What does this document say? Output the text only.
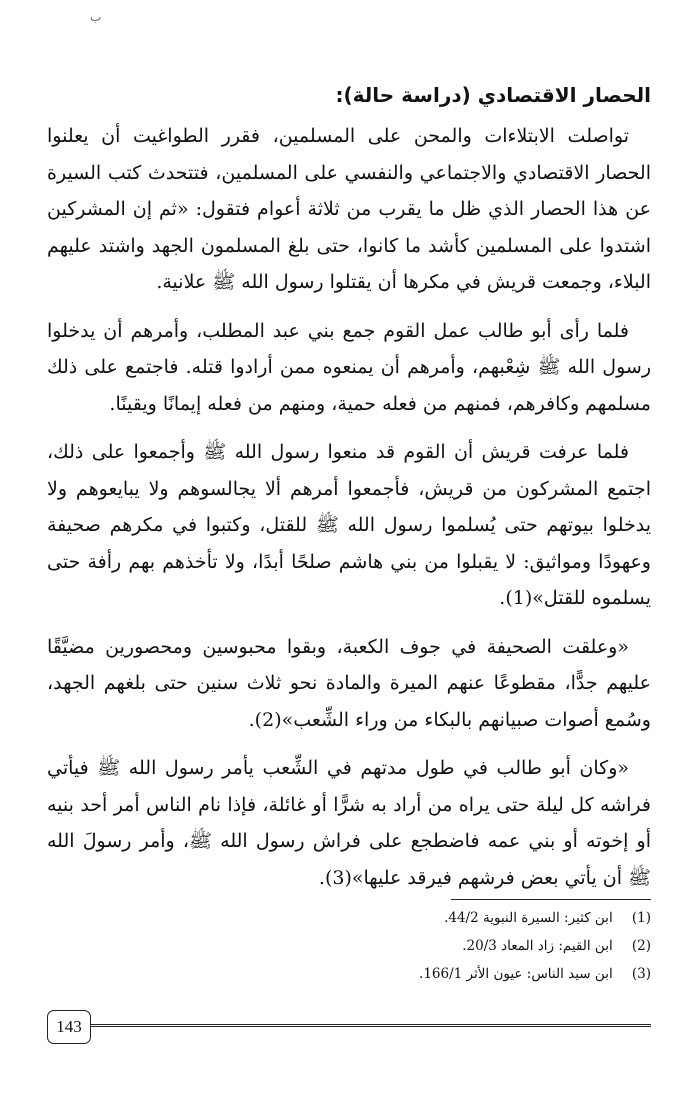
ب
الحصار الاقتصادي (دراسة حالة):

تواصلت الابتلاءات والمحن على المسلمين، فقرر الطواغيت أن يعلنوا الحصار الاقتصادي والاجتماعي والنفسي على المسلمين، فتتحدث كتب السيرة عن هذا الحصار الذي ظل ما يقرب من ثلاثة أعوام فتقول: «ثم إن المشركين اشتدوا على المسلمين كأشد ما كانوا، حتى بلغ المسلمون الجهد واشتد عليهم البلاء، وجمعت قريش في مكرها أن يقتلوا رسول الله ﷺ علانية.

فلما رأى أبو طالب عمل القوم جمع بني عبد المطلب، وأمرهم أن يدخلوا رسول الله ﷺ شِعْبهم، وأمرهم أن يمنعوه ممن أرادوا قتله. فاجتمع على ذلك مسلمهم وكافرهم، فمنهم من فعله حمية، ومنهم من فعله إيمانًا ويقينًا.

فلما عرفت قريش أن القوم قد منعوا رسول الله ﷺ وأجمعوا على ذلك، اجتمع المشركون من قريش، فأجمعوا أمرهم ألا يجالسوهم ولا يبايعوهم ولا يدخلوا بيوتهم حتى يُسلموا رسول الله ﷺ للقتل، وكتبوا في مكرهم صحيفة وعهودًا ومواثيق: لا يقبلوا من بني هاشم صلحًا أبدًا، ولا تأخذهم بهم رأفة حتى يسلموه للقتل»(1).

«وعلقت الصحيفة في جوف الكعبة، وبقوا محبوسين ومحصورين مضيَّقًا عليهم جدًّا، مقطوعًا عنهم الميرة والمادة نحو ثلاث سنين حتى بلغهم الجهد، وسُمع أصوات صبيانهم بالبكاء من وراء الشِّعب»(2).

«وكان أبو طالب في طول مدتهم في الشِّعب يأمر رسول الله ﷺ فيأتي فراشه كل ليلة حتى يراه من أراد به شرًّا أو غائلة، فإذا نام الناس أمر أحد بنيه أو إخوته أو بني عمه فاضطجع على فراش رسول الله ﷺ، وأمر رسولَ الله ﷺ أن يأتي بعض فرشهم فيرقد عليها»(3).

(1) ابن كثير: السيرة النبوية 44/2.
(2) ابن القيم: زاد المعاد 20/3.
(3) ابن سيد الناس: عيون الأثر 166/1.
143
